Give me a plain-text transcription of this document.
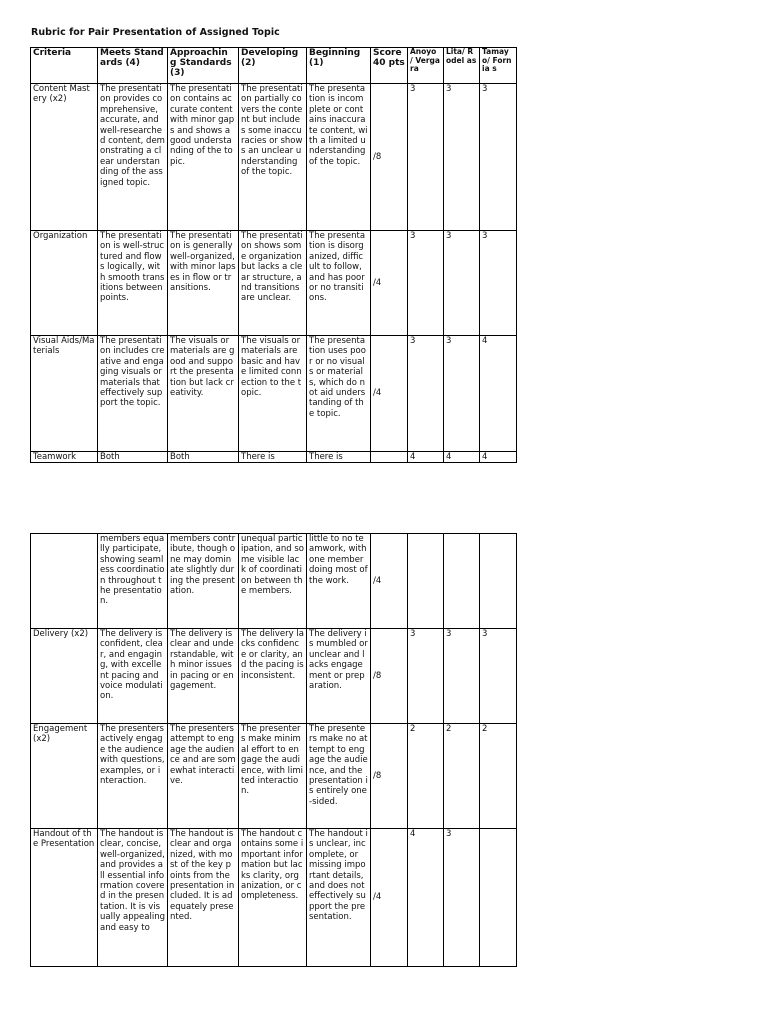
Rubric for Pair Presentation of Assigned Topic
Criteria	Meets Standards (4)	Approachin g Standards (3)	Developing (2)	Beginning (1)	Score 40 pts	Anoyo / Verga ra	Lita/ Rodel as	Tamay o/ Fornia s
Content Mastery (x2)	The presentation provides comprehensive, accurate, and well-researched content, demonstrating a clear understanding of the assigned topic.	The presentation contains accurate content with minor gaps and shows a good understanding of the topic.	The presentation partially covers the content but includes some inaccuracies or shows an unclear understanding of the topic.	The presentation is incomplete or contains inaccurate content, with a limited understanding of the topic.	/8	3	3	3
Organization	The presentation is well-structured and flows logically, with smooth transitions between points.	The presentation is generally well-organized, with minor lapses in flow or transitions.	The presentation shows some organization but lacks a clear structure, and transitions are unclear.	The presentation is disorganized, difficult to follow, and has poor or no transitions.	/4	3	3	3
Visual Aids/Materials	The presentation includes creative and engaging visuals or materials that effectively support the topic.	The visuals or materials are good and support the presentation but lack creativity.	The visuals or materials are basic and have limited connection to the topic.	The presentation uses poor or no visuals or materials, which do not aid understanding of the topic.	/4	3	3	4
Teamwork	Both	Both	There is	There is		4	4	4
	members equally participate, showing seamless coordination throughout the presentation.	members contribute, though one may dominate slightly during the presentation.	unequal participation, and some visible lack of coordination between the members.	little to no teamwork, with one member doing most of the work.	/4			
Delivery (x2)	The delivery is confident, clear, and engaging, with excellent pacing and voice modulation.	The delivery is clear and understandable, with minor issues in pacing or engagement.	The delivery lacks confidence or clarity, and the pacing is inconsistent.	The delivery is mumbled or unclear and lacks engagement or preparation.	/8	3	3	3
Engagement (x2)	The presenters actively engage the audience with questions, examples, or interaction.	The presenters attempt to engage the audience and are somewhat interactive.	The presenters make minimal effort to engage the audience, with limited interaction.	The presenters make no attempt to engage the audience, and the presentation is entirely one-sided.	/8	2	2	2
Handout of the Presentation	The handout is clear, concise, well-organized, and provides all essential information covered in the presentation. It is visually appealing and easy to	The handout is clear and organized, with most of the key points from the presentation included. It is adequately presented.	The handout contains some important information but lacks clarity, organization, or completeness.	The handout is unclear, incomplete, or missing important details, and does not effectively support the presentation.	/4	4	3	
